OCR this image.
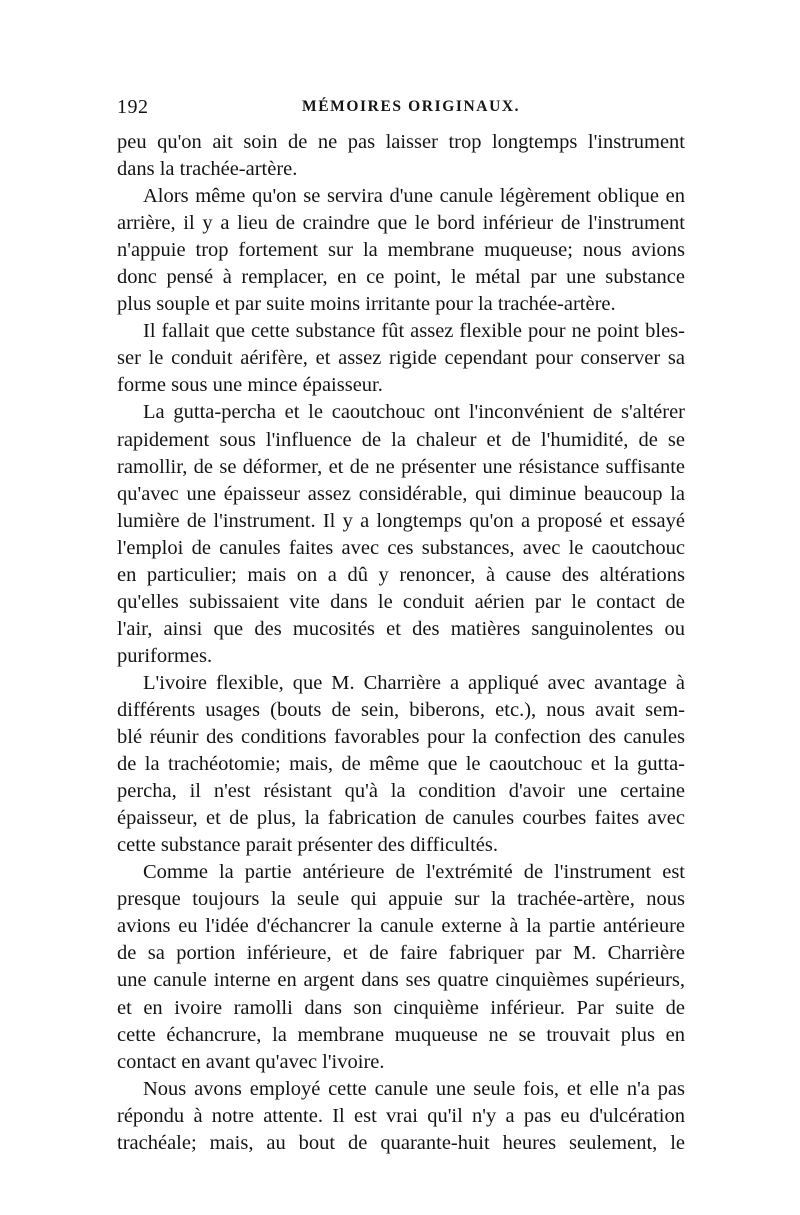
192	MÉMOIRES ORIGINAUX.
peu qu'on ait soin de ne pas laisser trop longtemps l'instrument
dans la trachée-artère.
Alors même qu'on se servira d'une canule légèrement oblique en
arrière, il y a lieu de craindre que le bord inférieur de l'instrument
n'appuie trop fortement sur la membrane muqueuse; nous avions
donc pensé à remplacer, en ce point, le métal par une substance
plus souple et par suite moins irritante pour la trachée-artère.
Il fallait que cette substance fût assez flexible pour ne point bles-
ser le conduit aérifère, et assez rigide cependant pour conserver sa
forme sous une mince épaisseur.
La gutta-percha et le caoutchouc ont l'inconvénient de s'altérer
rapidement sous l'influence de la chaleur et de l'humidité, de se
ramollir, de se déformer, et de ne présenter une résistance suffisante
qu'avec une épaisseur assez considérable, qui diminue beaucoup la
lumière de l'instrument. Il y a longtemps qu'on a proposé et essayé
l'emploi de canules faites avec ces substances, avec le caoutchouc
en particulier; mais on a dû y renoncer, à cause des altérations
qu'elles subissaient vite dans le conduit aérien par le contact de
l'air, ainsi que des mucosités et des matières sanguinolentes ou
puriformes.
L'ivoire flexible, que M. Charrière a appliqué avec avantage à
différents usages (bouts de sein, biberons, etc.), nous avait sem-
blé réunir des conditions favorables pour la confection des canules
de la trachéotomie; mais, de même que le caoutchouc et la gutta-
percha, il n'est résistant qu'à la condition d'avoir une certaine
épaisseur, et de plus, la fabrication de canules courbes faites avec
cette substance parait présenter des difficultés.
Comme la partie antérieure de l'extrémité de l'instrument est
presque toujours la seule qui appuie sur la trachée-artère, nous
avions eu l'idée d'échancrer la canule externe à la partie antérieure
de sa portion inférieure, et de faire fabriquer par M. Charrière
une canule interne en argent dans ses quatre cinquièmes supérieurs,
et en ivoire ramolli dans son cinquième inférieur. Par suite de
cette échancrure, la membrane muqueuse ne se trouvait plus en
contact en avant qu'avec l'ivoire.
Nous avons employé cette canule une seule fois, et elle n'a pas
répondu à notre attente. Il est vrai qu'il n'y a pas eu d'ulcération
trachéale; mais, au bout de quarante-huit heures seulement, le
